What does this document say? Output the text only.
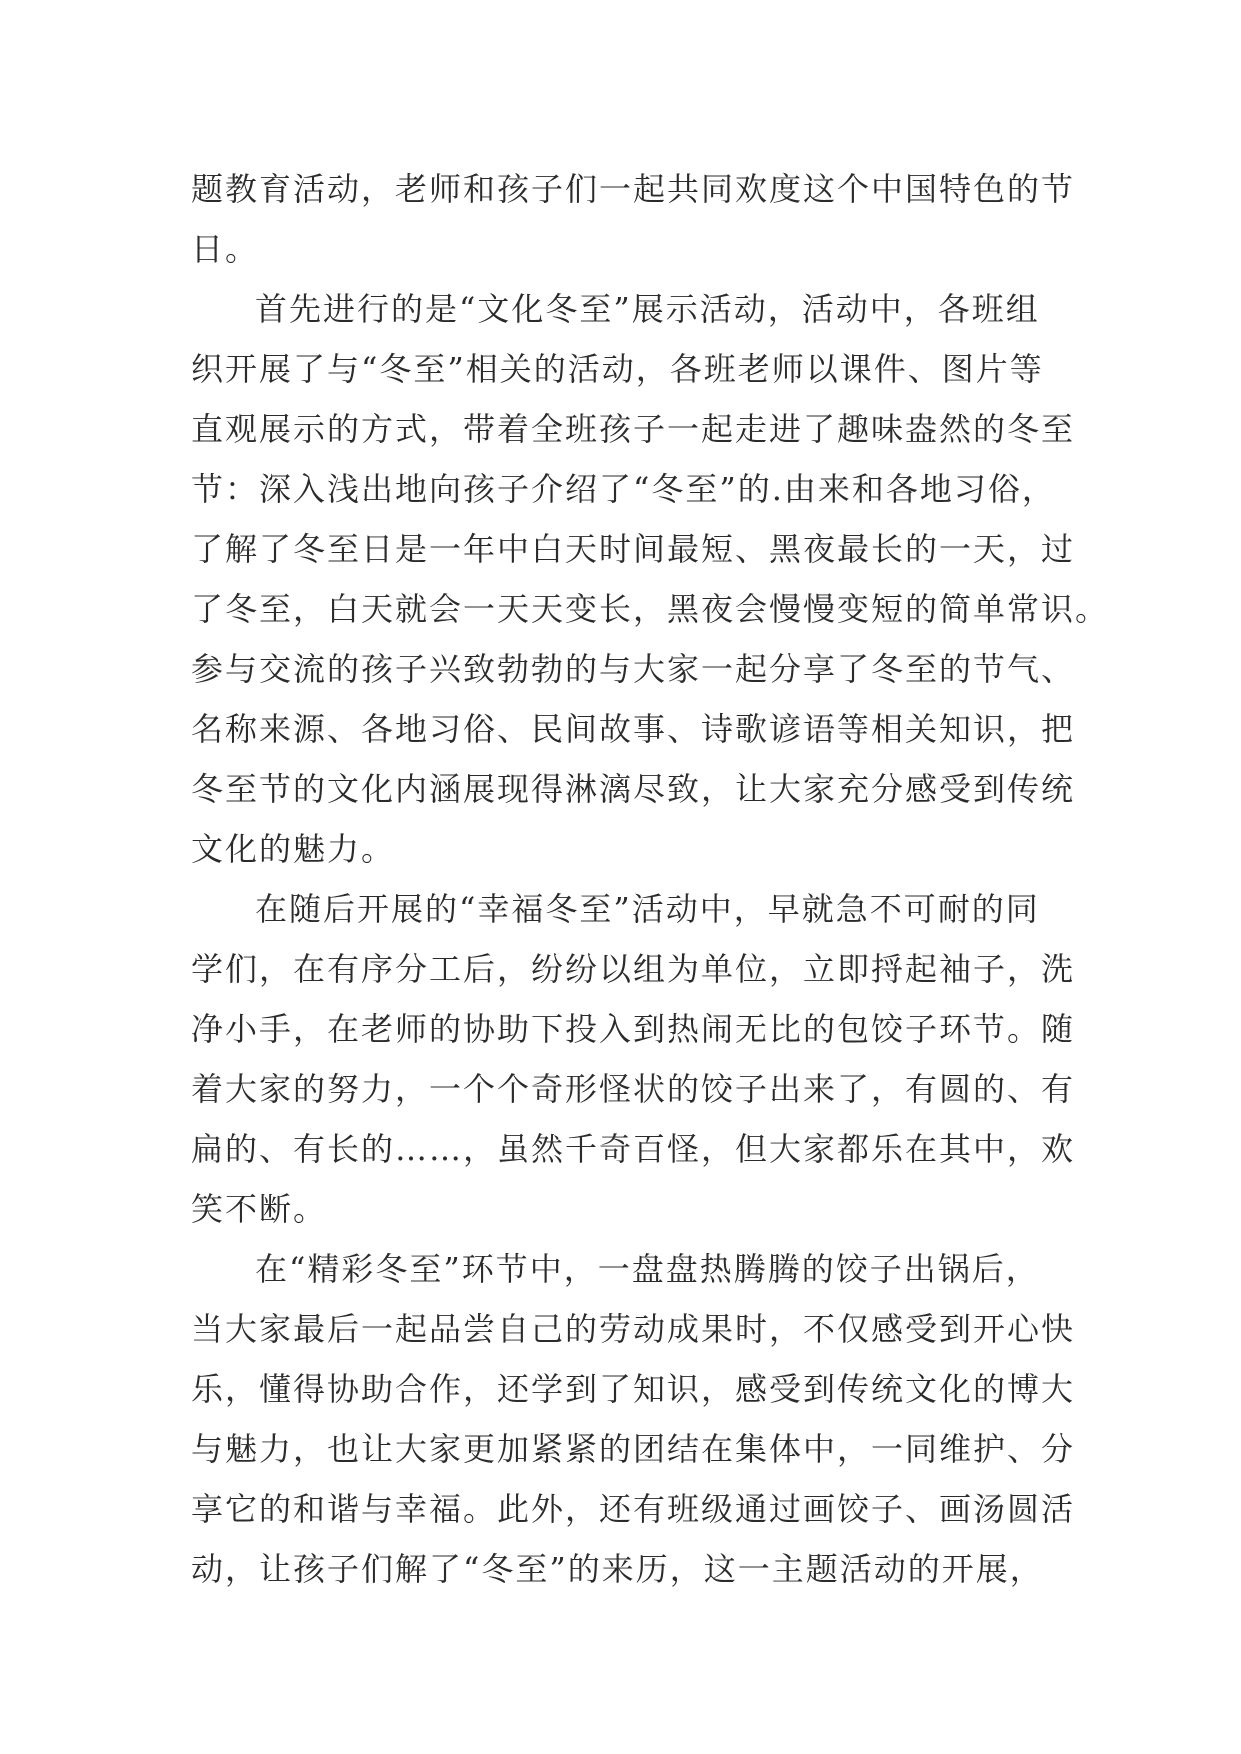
题教育活动，老师和孩子们一起共同欢度这个中国特色的节
日。

首先进行的是“文化冬至”展示活动，活动中，各班组
织开展了与“冬至”相关的活动，各班老师以课件、图片等
直观展示的方式，带着全班孩子一起走进了趣味盎然的冬至
节：深入浅出地向孩子介绍了“冬至”的.由来和各地习俗，
了解了冬至日是一年中白天时间最短、黑夜最长的一天，过
了冬至，白天就会一天天变长，黑夜会慢慢变短的简单常识。
参与交流的孩子兴致勃勃的与大家一起分享了冬至的节气、
名称来源、各地习俗、民间故事、诗歌谚语等相关知识，把
冬至节的文化内涵展现得淋漓尽致，让大家充分感受到传统
文化的魅力。

在随后开展的“幸福冬至”活动中，早就急不可耐的同
学们，在有序分工后，纷纷以组为单位，立即捋起袖子，洗
净小手，在老师的协助下投入到热闹无比的包饺子环节。随
着大家的努力，一个个奇形怪状的饺子出来了，有圆的、有
扁的、有长的……，虽然千奇百怪，但大家都乐在其中，欢
笑不断。

在“精彩冬至”环节中，一盘盘热腾腾的饺子出锅后，
当大家最后一起品尝自己的劳动成果时，不仅感受到开心快
乐，懂得协助合作，还学到了知识，感受到传统文化的博大
与魅力，也让大家更加紧紧的团结在集体中，一同维护、分
享它的和谐与幸福。此外，还有班级通过画饺子、画汤圆活
动，让孩子们解了“冬至”的来历，这一主题活动的开展，
